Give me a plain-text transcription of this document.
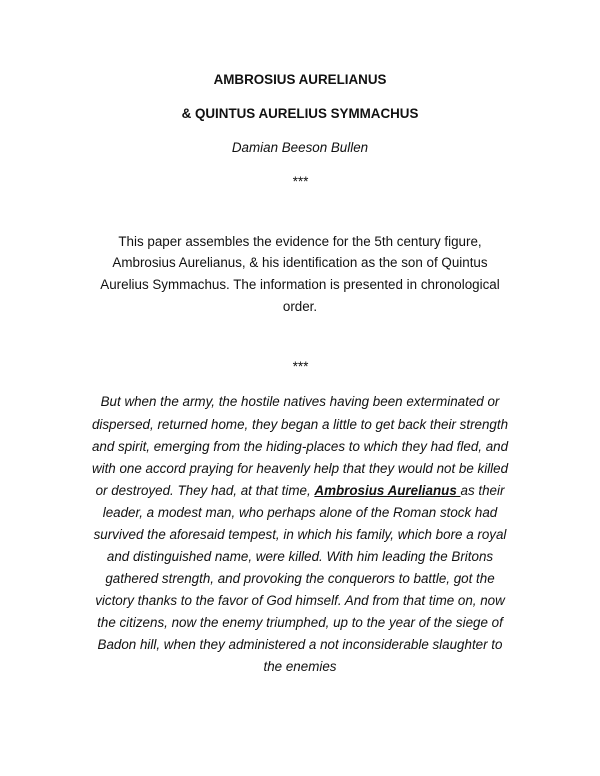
AMBROSIUS AURELIANUS
& QUINTUS AURELIUS SYMMACHUS
Damian Beeson Bullen
***
This paper assembles the evidence for the 5th century figure,
Ambrosius Aurelianus, & his identification as the son of Quintus
Aurelius Symmachus. The information is presented in chronological
order.
***
But when the army, the hostile natives having been exterminated or
dispersed, returned home, they began a little to get back their strength
and spirit, emerging from the hiding-places to which they had fled, and
with one accord praying for heavenly help that they would not be killed
or destroyed. They had, at that time, Ambrosius Aurelianus as their
leader, a modest man, who perhaps alone of the Roman stock had
survived the aforesaid tempest, in which his family, which bore a royal
and distinguished name, were killed. With him leading the Britons
gathered strength, and provoking the conquerors to battle, got the
victory thanks to the favor of God himself. And from that time on, now
the citizens, now the enemy triumphed, up to the year of the siege of
Badon hill, when they administered a not inconsiderable slaughter to
the enemies
